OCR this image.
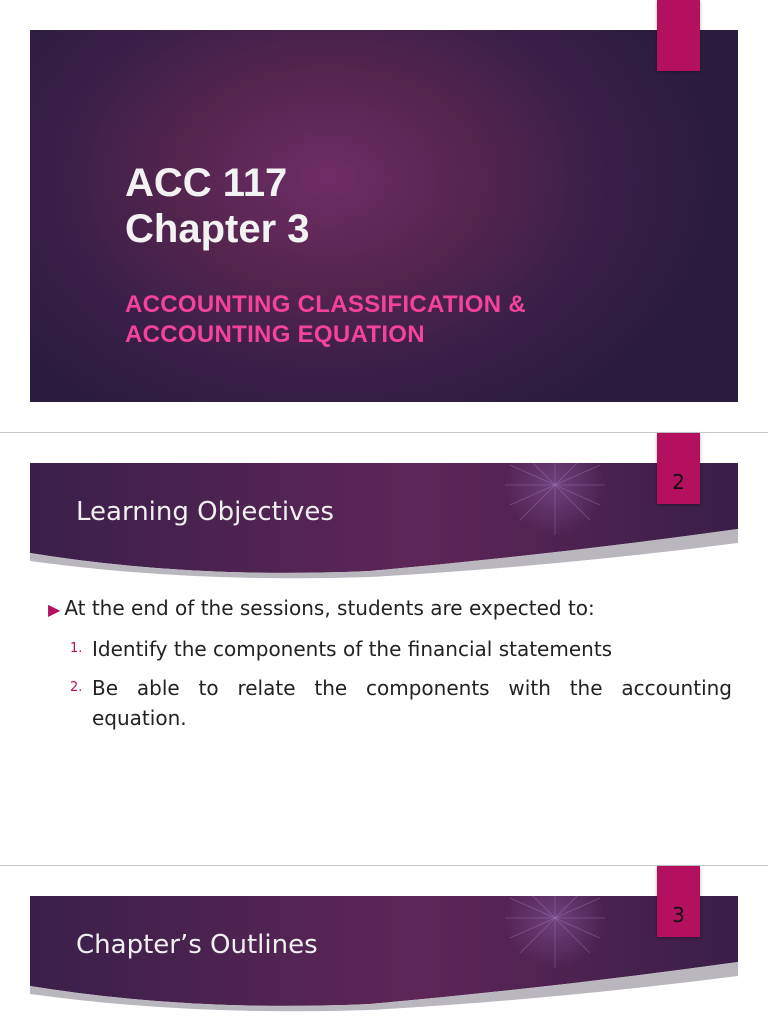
ACC 117
Chapter 3
ACCOUNTING CLASSIFICATION &
ACCOUNTING EQUATION
Learning Objectives
2
▶ At the end of the sessions, students are expected to:
1. Identify the components of the financial statements
2. Be able to relate the components with the accounting equation.
Chapter’s Outlines
3
